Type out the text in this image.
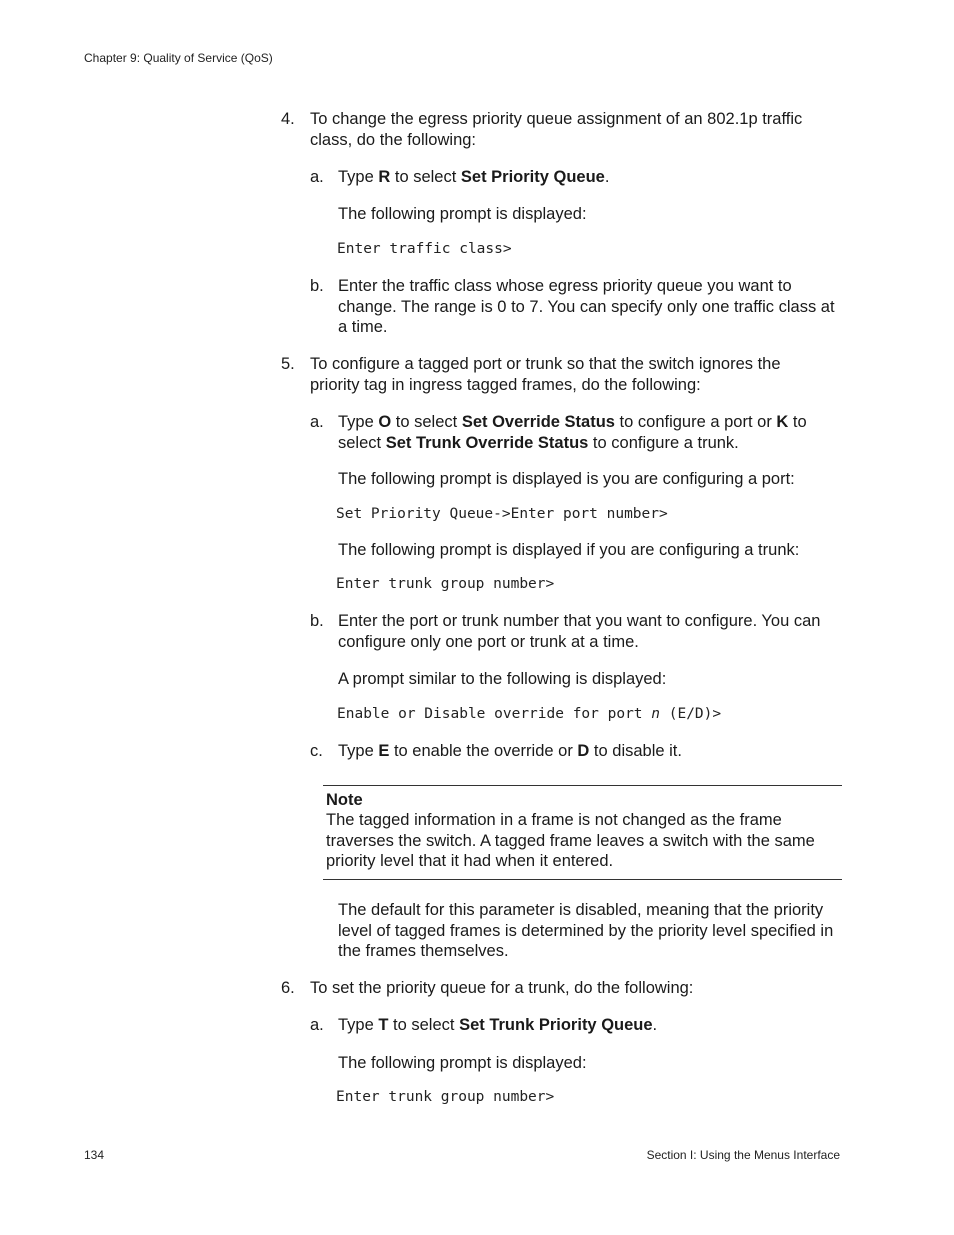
Chapter 9: Quality of Service (QoS)
4. To change the egress priority queue assignment of an 802.1p traffic class, do the following:
a. Type R to select Set Priority Queue.
The following prompt is displayed:
Enter traffic class>
b. Enter the traffic class whose egress priority queue you want to change. The range is 0 to 7. You can specify only one traffic class at a time.
5. To configure a tagged port or trunk so that the switch ignores the priority tag in ingress tagged frames, do the following:
a. Type O to select Set Override Status to configure a port or K to select Set Trunk Override Status to configure a trunk.
The following prompt is displayed is you are configuring a port:
Set Priority Queue->Enter port number>
The following prompt is displayed if you are configuring a trunk:
Enter trunk group number>
b. Enter the port or trunk number that you want to configure. You can configure only one port or trunk at a time.
A prompt similar to the following is displayed:
Enable or Disable override for port n (E/D)>
c. Type E to enable the override or D to disable it.
Note
The tagged information in a frame is not changed as the frame traverses the switch. A tagged frame leaves a switch with the same priority level that it had when it entered.
The default for this parameter is disabled, meaning that the priority level of tagged frames is determined by the priority level specified in the frames themselves.
6. To set the priority queue for a trunk, do the following:
a. Type T to select Set Trunk Priority Queue.
The following prompt is displayed:
Enter trunk group number>
134	Section I: Using the Menus Interface
